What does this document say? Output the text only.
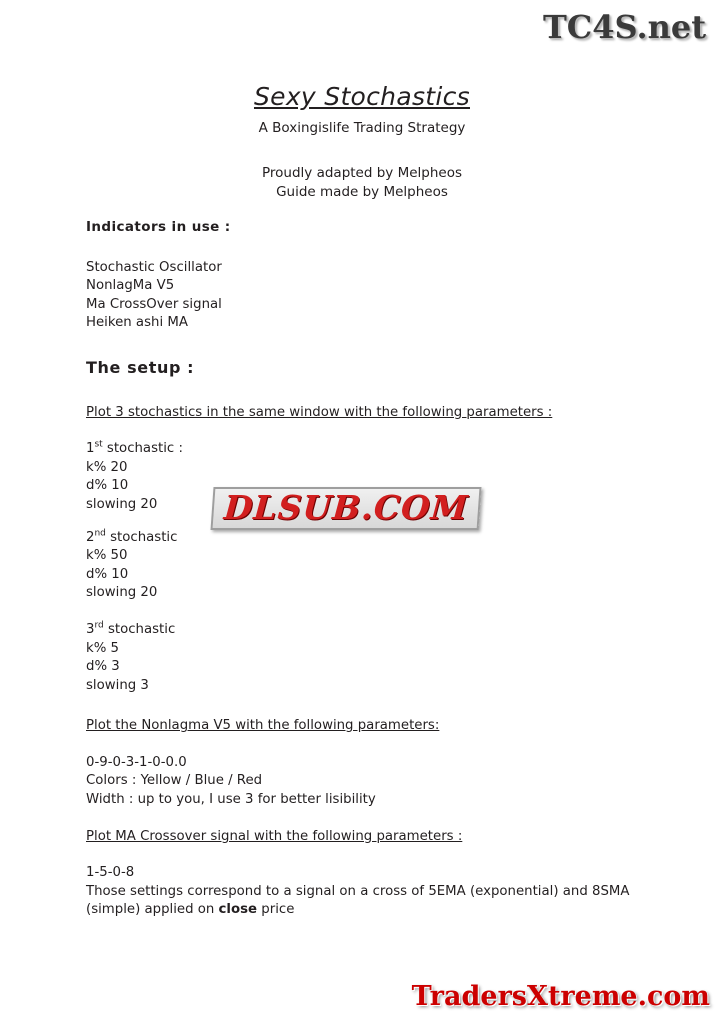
TC4S.net
Sexy Stochastics
A Boxingislife Trading Strategy
Proudly adapted by Melpheos
Guide made by Melpheos
Indicators in use :
Stochastic Oscillator
NonlagMa V5
Ma CrossOver signal
Heiken ashi MA
The setup :
Plot 3 stochastics in the same window with the following parameters :
1st stochastic :
k% 20
d% 10
slowing 20
2nd stochastic
k% 50
d% 10
slowing 20
3rd stochastic
k% 5
d% 3
slowing 3
Plot the Nonlagma V5 with the following parameters:
0-9-0-3-1-0-0.0
Colors : Yellow / Blue / Red
Width : up to you, I use 3 for better lisibility
Plot MA Crossover signal with the following parameters :
1-5-0-8
Those settings correspond to a signal on a cross of 5EMA (exponential) and 8SMA
(simple) applied on close price
DLSUB.COM
TradersXtreme.com
